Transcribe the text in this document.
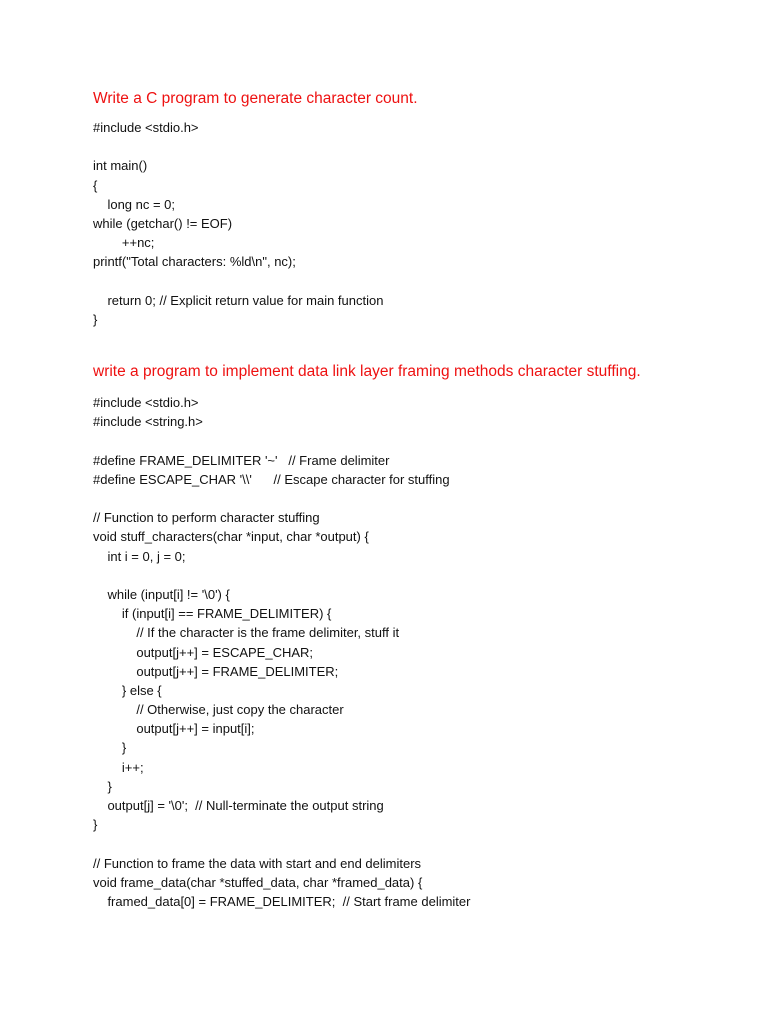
Write a C program to generate character count.

#include <stdio.h>
int main()
{
long nc = 0;
while (getchar() != EOF)
++nc;
printf("Total characters: %ld\n", nc);
return 0; // Explicit return value for main function
}

write a program to implement data link layer framing methods character stuffing.

#include <stdio.h>
#include <string.h>
#define FRAME_DELIMITER '~'   // Frame delimiter
#define ESCAPE_CHAR '\\'      // Escape character for stuffing
// Function to perform character stuffing
void stuff_characters(char *input, char *output) {
int i = 0, j = 0;
while (input[i] != '\0') {
if (input[i] == FRAME_DELIMITER) {
// If the character is the frame delimiter, stuff it
output[j++] = ESCAPE_CHAR;
output[j++] = FRAME_DELIMITER;
} else {
// Otherwise, just copy the character
output[j++] = input[i];
}
i++;
}
output[j] = '\0';  // Null-terminate the output string
}
// Function to frame the data with start and end delimiters
void frame_data(char *stuffed_data, char *framed_data) {
framed_data[0] = FRAME_DELIMITER;  // Start frame delimiter
